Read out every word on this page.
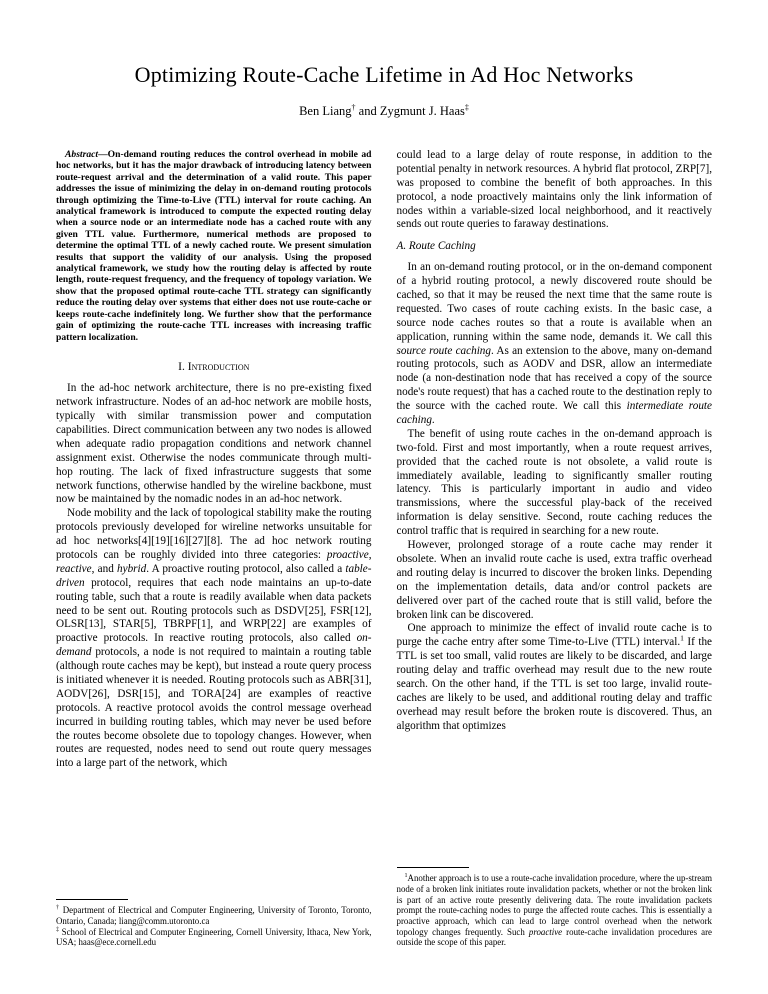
Optimizing Route-Cache Lifetime in Ad Hoc Networks
Ben Liang† and Zygmunt J. Haas‡
Abstract—On-demand routing reduces the control overhead in mobile ad hoc networks, but it has the major drawback of introducing latency between route-request arrival and the determination of a valid route. This paper addresses the issue of minimizing the delay in on-demand routing protocols through optimizing the Time-to-Live (TTL) interval for route caching. An analytical framework is introduced to compute the expected routing delay when a source node or an intermediate node has a cached route with any given TTL value. Furthermore, numerical methods are proposed to determine the optimal TTL of a newly cached route. We present simulation results that support the validity of our analysis. Using the proposed analytical framework, we study how the routing delay is affected by route length, route-request frequency, and the frequency of topology variation. We show that the proposed optimal route-cache TTL strategy can significantly reduce the routing delay over systems that either does not use route-cache or keeps route-cache indefinitely long. We further show that the performance gain of optimizing the route-cache TTL increases with increasing traffic pattern localization.
I. Introduction
In the ad-hoc network architecture, there is no pre-existing fixed network infrastructure. Nodes of an ad-hoc network are mobile hosts, typically with similar transmission power and computation capabilities. Direct communication between any two nodes is allowed when adequate radio propagation conditions and network channel assignment exist. Otherwise the nodes communicate through multi-hop routing. The lack of fixed infrastructure suggests that some network functions, otherwise handled by the wireline backbone, must now be maintained by the nomadic nodes in an ad-hoc network.
Node mobility and the lack of topological stability make the routing protocols previously developed for wireline networks unsuitable for ad hoc networks[4][19][16][27][8]. The ad hoc network routing protocols can be roughly divided into three categories: proactive, reactive, and hybrid. A proactive routing protocol, also called a table-driven protocol, requires that each node maintains an up-to-date routing table, such that a route is readily available when data packets need to be sent out. Routing protocols such as DSDV[25], FSR[12], OLSR[13], STAR[5], TBRPF[1], and WRP[22] are examples of proactive protocols. In reactive routing protocols, also called on-demand protocols, a node is not required to maintain a routing table (although route caches may be kept), but instead a route query process is initiated whenever it is needed. Routing protocols such as ABR[31], AODV[26], DSR[15], and TORA[24] are examples of reactive protocols. A reactive protocol avoids the control message overhead incurred in building routing tables, which may never be used before the routes become obsolete due to topology changes. However, when routes are requested, nodes need to send out route query messages into a large part of the network, which
† Department of Electrical and Computer Engineering, University of Toronto, Toronto, Ontario, Canada; liang@comm.utoronto.ca
‡ School of Electrical and Computer Engineering, Cornell University, Ithaca, New York, USA; haas@ece.cornell.edu
could lead to a large delay of route response, in addition to the potential penalty in network resources. A hybrid flat protocol, ZRP[7], was proposed to combine the benefit of both approaches. In this protocol, a node proactively maintains only the link information of nodes within a variable-sized local neighborhood, and it reactively sends out route queries to faraway destinations.
A. Route Caching
In an on-demand routing protocol, or in the on-demand component of a hybrid routing protocol, a newly discovered route should be cached, so that it may be reused the next time that the same route is requested. Two cases of route caching exists. In the basic case, a source node caches routes so that a route is available when an application, running within the same node, demands it. We call this source route caching. As an extension to the above, many on-demand routing protocols, such as AODV and DSR, allow an intermediate node (a non-destination node that has received a copy of the source node's route request) that has a cached route to the destination reply to the source with the cached route. We call this intermediate route caching.
The benefit of using route caches in the on-demand approach is two-fold. First and most importantly, when a route request arrives, provided that the cached route is not obsolete, a valid route is immediately available, leading to significantly smaller routing latency. This is particularly important in audio and video transmissions, where the successful play-back of the received information is delay sensitive. Second, route caching reduces the control traffic that is required in searching for a new route.
However, prolonged storage of a route cache may render it obsolete. When an invalid route cache is used, extra traffic overhead and routing delay is incurred to discover the broken links. Depending on the implementation details, data and/or control packets are delivered over part of the cached route that is still valid, before the broken link can be discovered.
One approach to minimize the effect of invalid route cache is to purge the cache entry after some Time-to-Live (TTL) interval.$^1$ If the TTL is set too small, valid routes are likely to be discarded, and large routing delay and traffic overhead may result due to the new route search. On the other hand, if the TTL is set too large, invalid route-caches are likely to be used, and additional routing delay and traffic overhead may result before the broken route is discovered. Thus, an algorithm that optimizes
$^1$Another approach is to use a route-cache invalidation procedure, where the up-stream node of a broken link initiates route invalidation packets, whether or not the broken link is part of an active route presently delivering data. The route invalidation packets prompt the route-caching nodes to purge the affected route caches. This is essentially a proactive approach, which can lead to large control overhead when the network topology changes frequently. Such proactive route-cache invalidation procedures are outside the scope of this paper.
